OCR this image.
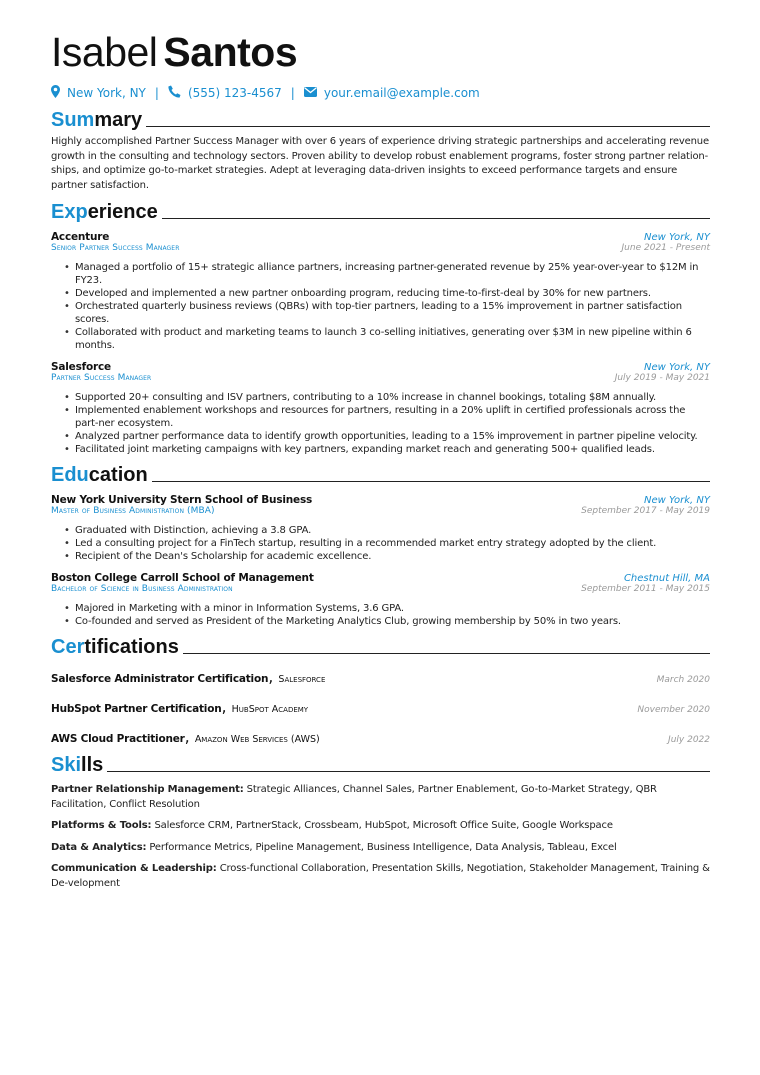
Isabel Santos
New York, NY | (555) 123-4567 | your.email@example.com
Summary
Highly accomplished Partner Success Manager with over 6 years of experience driving strategic partnerships and accelerating revenue growth in the consulting and technology sectors. Proven ability to develop robust enablement programs, foster strong partner relation-ships, and optimize go-to-market strategies. Adept at leveraging data-driven insights to exceed performance targets and ensure partner satisfaction.
Experience
Accenture	New York, NY
Senior Partner Success Manager	June 2021 - Present
• Managed a portfolio of 15+ strategic alliance partners, increasing partner-generated revenue by 25% year-over-year to $12M in FY23.
• Developed and implemented a new partner onboarding program, reducing time-to-first-deal by 30% for new partners.
• Orchestrated quarterly business reviews (QBRs) with top-tier partners, leading to a 15% improvement in partner satisfaction scores.
• Collaborated with product and marketing teams to launch 3 co-selling initiatives, generating over $3M in new pipeline within 6 months.
Salesforce	New York, NY
Partner Success Manager	July 2019 - May 2021
• Supported 20+ consulting and ISV partners, contributing to a 10% increase in channel bookings, totaling $8M annually.
• Implemented enablement workshops and resources for partners, resulting in a 20% uplift in certified professionals across the part-ner ecosystem.
• Analyzed partner performance data to identify growth opportunities, leading to a 15% improvement in partner pipeline velocity.
• Facilitated joint marketing campaigns with key partners, expanding market reach and generating 500+ qualified leads.
Education
New York University Stern School of Business	New York, NY
Master of Business Administration (MBA)	September 2017 - May 2019
• Graduated with Distinction, achieving a 3.8 GPA.
• Led a consulting project for a FinTech startup, resulting in a recommended market entry strategy adopted by the client.
• Recipient of the Dean's Scholarship for academic excellence.
Boston College Carroll School of Management	Chestnut Hill, MA
Bachelor of Science in Business Administration	September 2011 - May 2015
• Majored in Marketing with a minor in Information Systems, 3.6 GPA.
• Co-founded and served as President of the Marketing Analytics Club, growing membership by 50% in two years.
Certifications
Salesforce Administrator Certification, Salesforce	March 2020
HubSpot Partner Certification, HubSpot Academy	November 2020
AWS Cloud Practitioner, Amazon Web Services (AWS)	July 2022
Skills
Partner Relationship Management: Strategic Alliances, Channel Sales, Partner Enablement, Go-to-Market Strategy, QBR Facilitation, Conflict Resolution
Platforms & Tools: Salesforce CRM, PartnerStack, Crossbeam, HubSpot, Microsoft Office Suite, Google Workspace
Data & Analytics: Performance Metrics, Pipeline Management, Business Intelligence, Data Analysis, Tableau, Excel
Communication & Leadership: Cross-functional Collaboration, Presentation Skills, Negotiation, Stakeholder Management, Training & De-velopment
